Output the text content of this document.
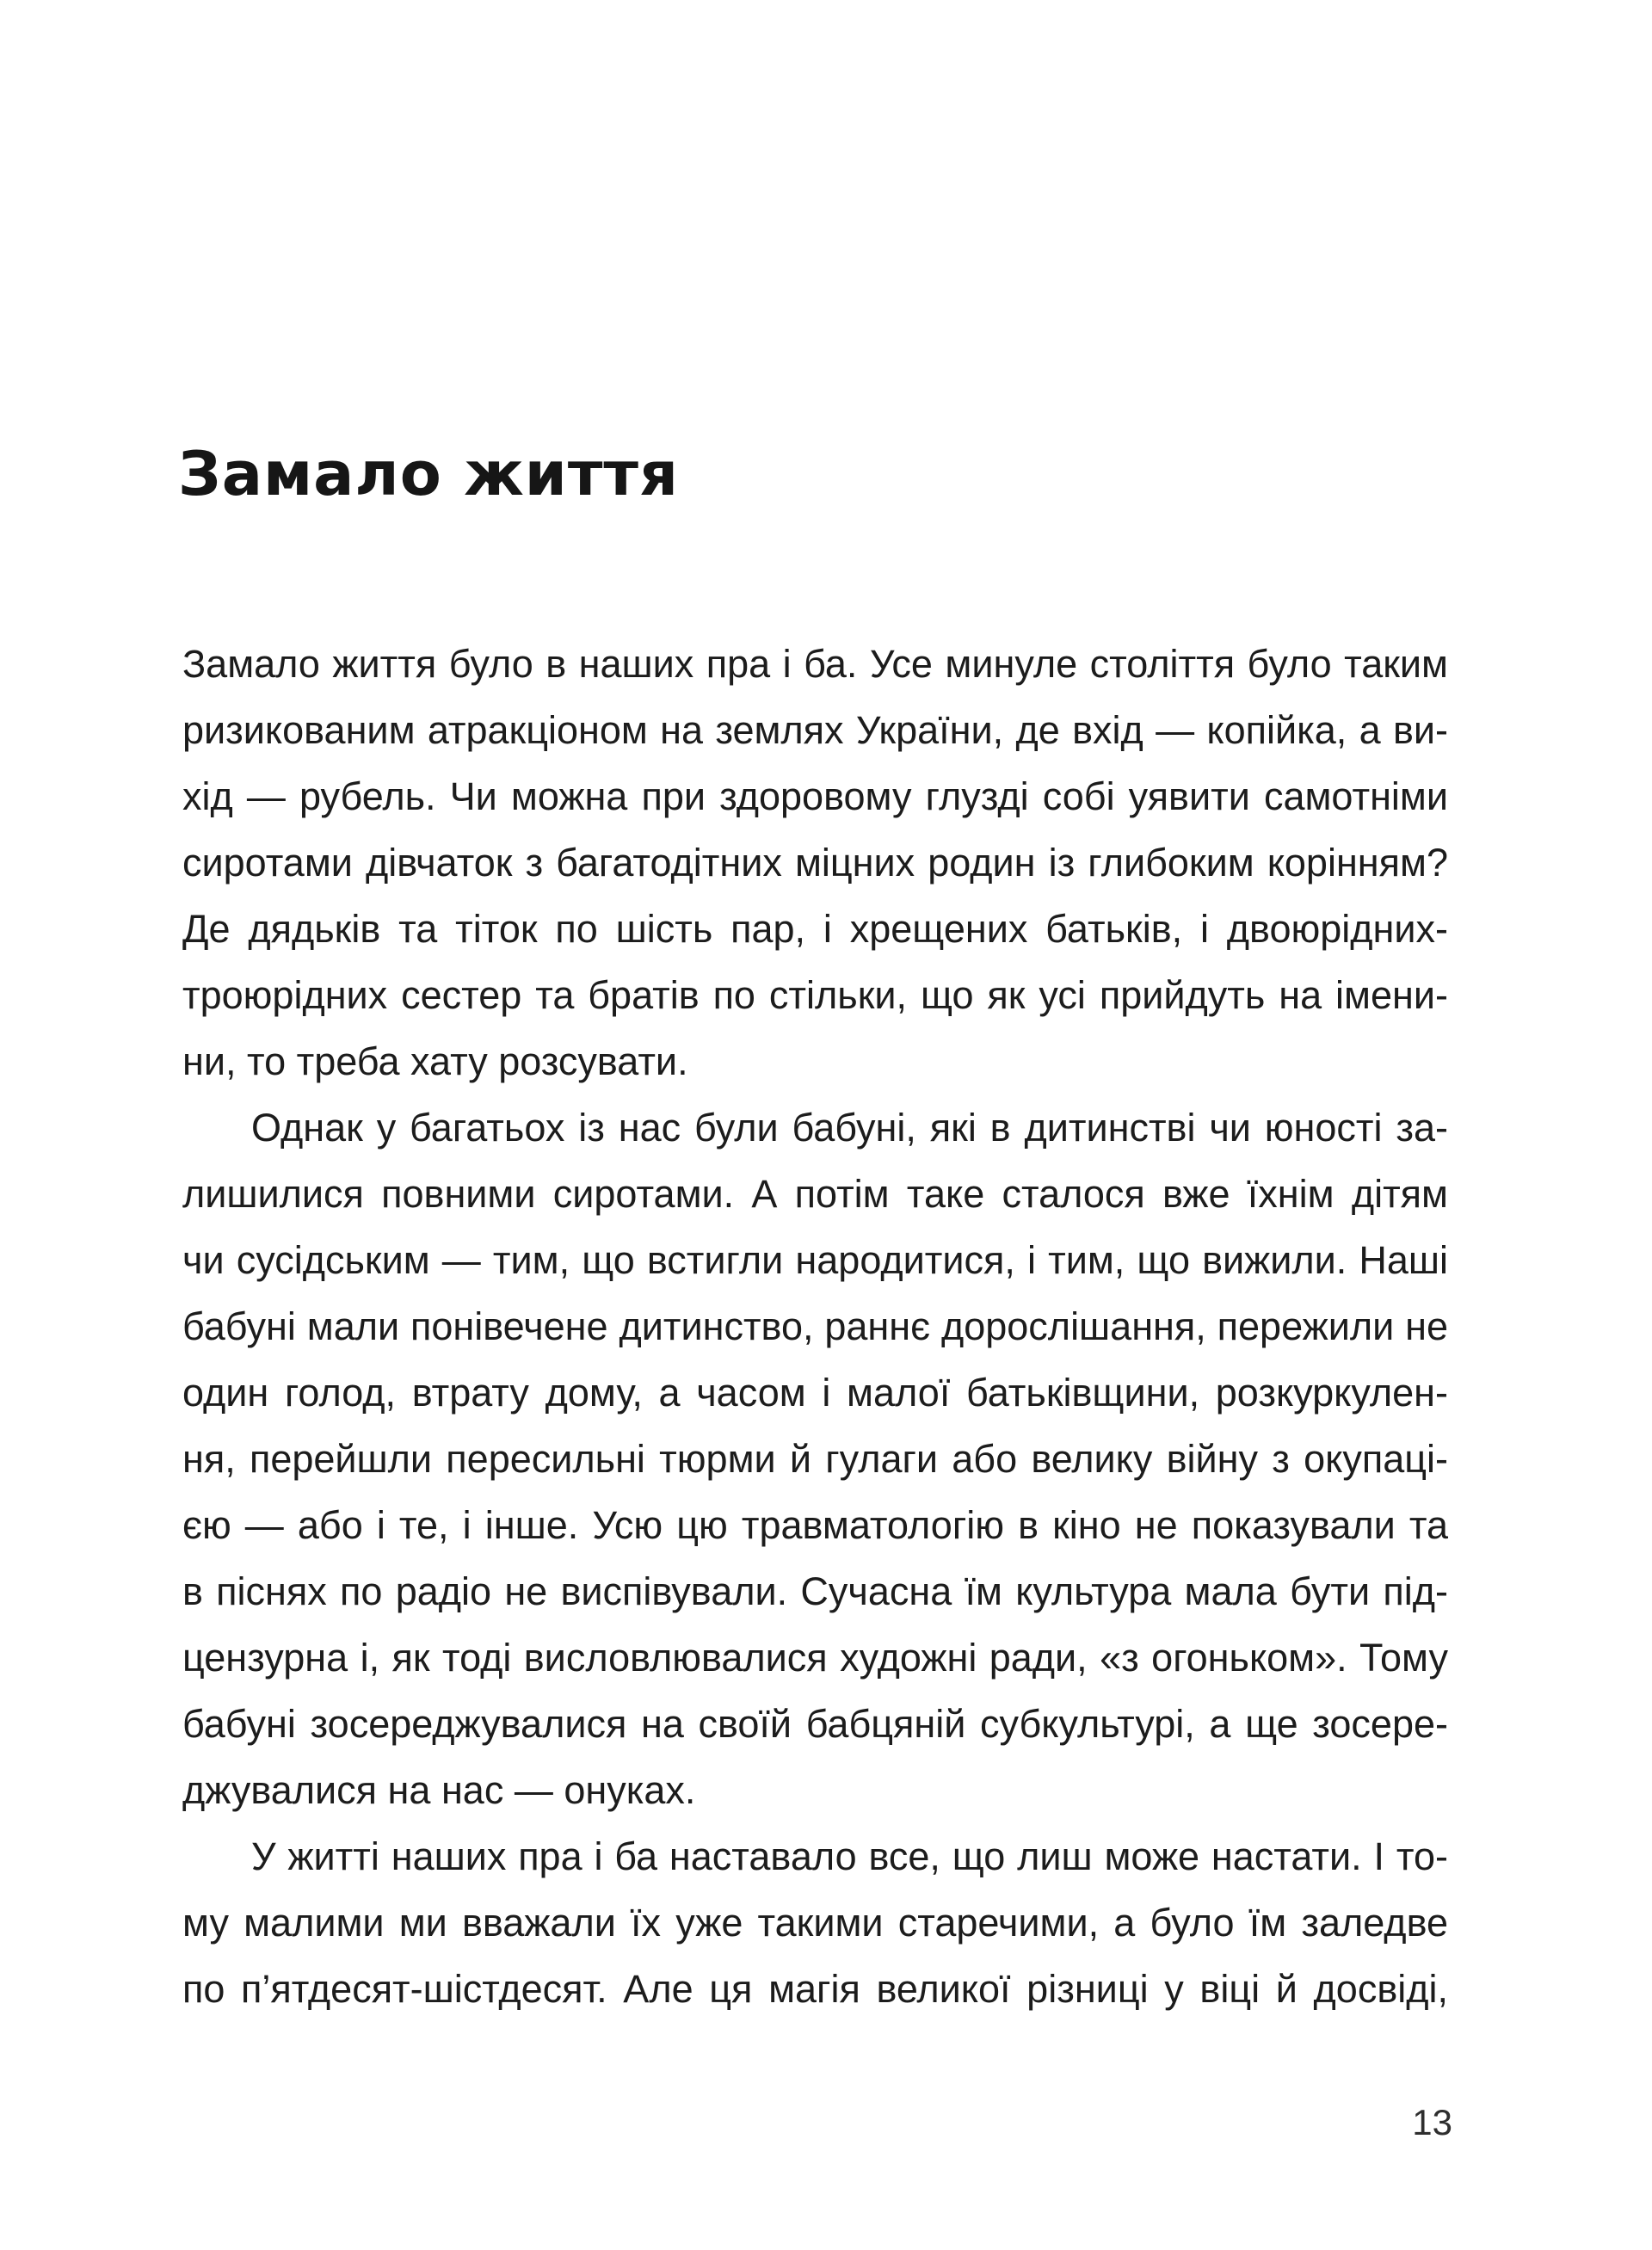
Замало життя
Замало життя було в наших пра і ба. Усе минуле століття було таким
ризикованим атракціоном на землях України, де вхід — копійка, а ви-
хід — рубель. Чи можна при здоровому глузді собі уявити самотніми
сиротами дівчаток з багатодітних міцних родин із глибоким корінням?
Де дядьків та тіток по шість пар, і хрещених батьків, і двоюрідних-
троюрідних сестер та братів по стільки, що як усі прийдуть на імени-
ни, то треба хату розсувати.
Однак у багатьох із нас були бабуні, які в дитинстві чи юності за-
лишилися повними сиротами. А потім таке сталося вже їхнім дітям
чи сусідським — тим, що встигли народитися, і тим, що вижили. Наші
бабуні мали понівечене дитинство, раннє дорослішання, пережили не
один голод, втрату дому, а часом і малої батьківщини, розкуркулен-
ня, перейшли пересильні тюрми й гулаги або велику війну з окупаці-
єю — або і те, і інше. Усю цю травматологію в кіно не показували та
в піснях по радіо не виспівували. Сучасна їм культура мала бути під-
цензурна і, як тоді висловлювалися художні ради, «з огоньком». Тому
бабуні зосереджувалися на своїй бабцяній субкультурі, а ще зосере-
джувалися на нас — онуках.
У житті наших пра і ба наставало все, що лиш може настати. І то-
му малими ми вважали їх уже такими старечими, а було їм заледве
по п’ятдесят-шістдесят. Але ця магія великої різниці у віці й досвіді,
13
